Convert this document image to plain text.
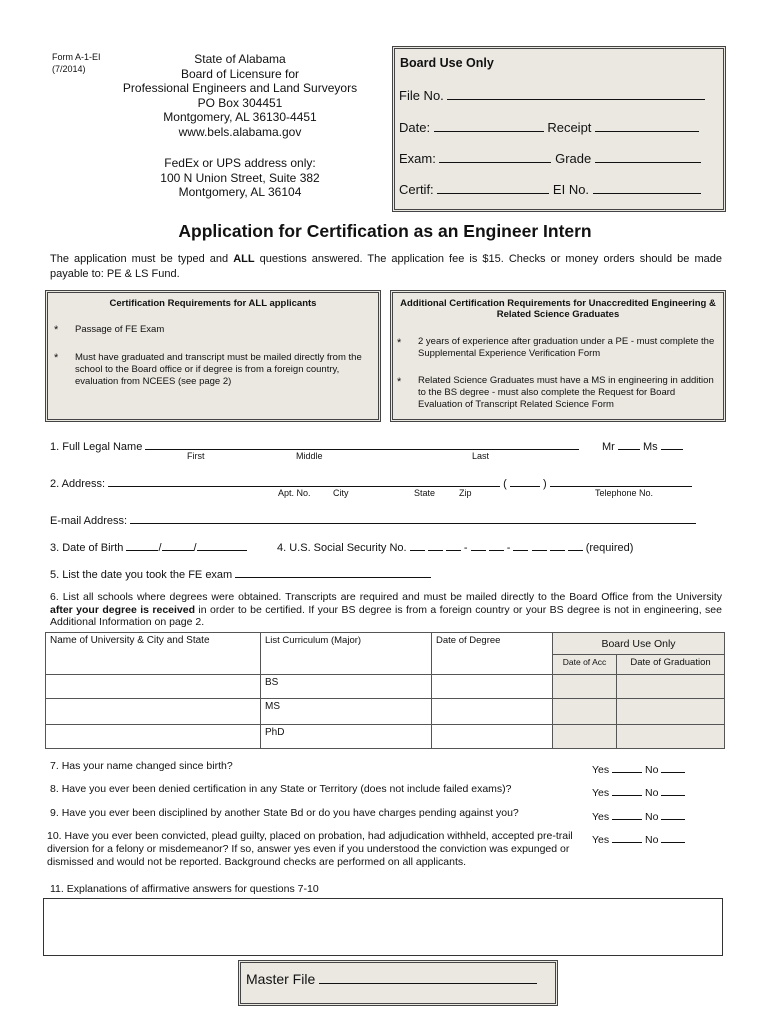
Form A-1-EI
(7/2014)
State of Alabama
Board of Licensure for
Professional Engineers and Land Surveyors
PO Box 304451
Montgomery, AL 36130-4451
www.bels.alabama.gov
FedEx or UPS address only:
100 N Union Street, Suite 382
Montgomery, AL 36104
Board Use Only
File No.
Date:	Receipt
Exam:	Grade
Certif:	EI No.
Application for Certification as an Engineer Intern
The application must be typed and ALL questions answered. The application fee is $15. Checks or money orders should be made payable to: PE & LS Fund.
Certification Requirements for ALL applicants
* Passage of FE Exam
* Must have graduated and transcript must be mailed directly from the school to the Board office or if degree is from a foreign country, evaluation from NCEES (see page 2)
Additional Certification Requirements for Unaccredited Engineering & Related Science Graduates
* 2 years of experience after graduation under a PE - must complete the Supplemental Experience Verification Form
* Related Science Graduates must have a MS in engineering in addition to the BS degree - must also complete the Request for Board Evaluation of Transcript Related Science Form
1. Full Legal Name	Mr	Ms
First	Middle	Last
2. Address:	(	)
Apt. No. City	State	Zip	Telephone No.
E-mail Address:
3. Date of Birth	/	/	4. U.S. Social Security No.	-	-	(required)
5. List the date you took the FE exam
6. List all schools where degrees were obtained. Transcripts are required and must be mailed directly to the Board Office from the University after your degree is received in order to be certified. If your BS degree is from a foreign country or your BS degree is not in engineering, see Additional Information on page 2.
Name of University & City and State	List Curriculum (Major)	Date of Degree	Board Use Only	
			Date of Acc	Date of Graduation
	BS			
	MS			
	PhD			
7. Has your name changed since birth?
8. Have you ever been denied certification in any State or Territory (does not include failed exams)?
9. Have you ever been disciplined by another State Bd or do you have charges pending against you?
10. Have you ever been convicted, plead guilty, placed on probation, had adjudication withheld, accepted pre-trail diversion for a felony or misdemeanor? If so, answer yes even if you understood the conviction was expunged or dismissed and would not be reported. Background checks are performed on all applicants.
Yes	No
Yes	No
Yes	No
Yes	No
11. Explanations of affirmative answers for questions 7-10
Master File
